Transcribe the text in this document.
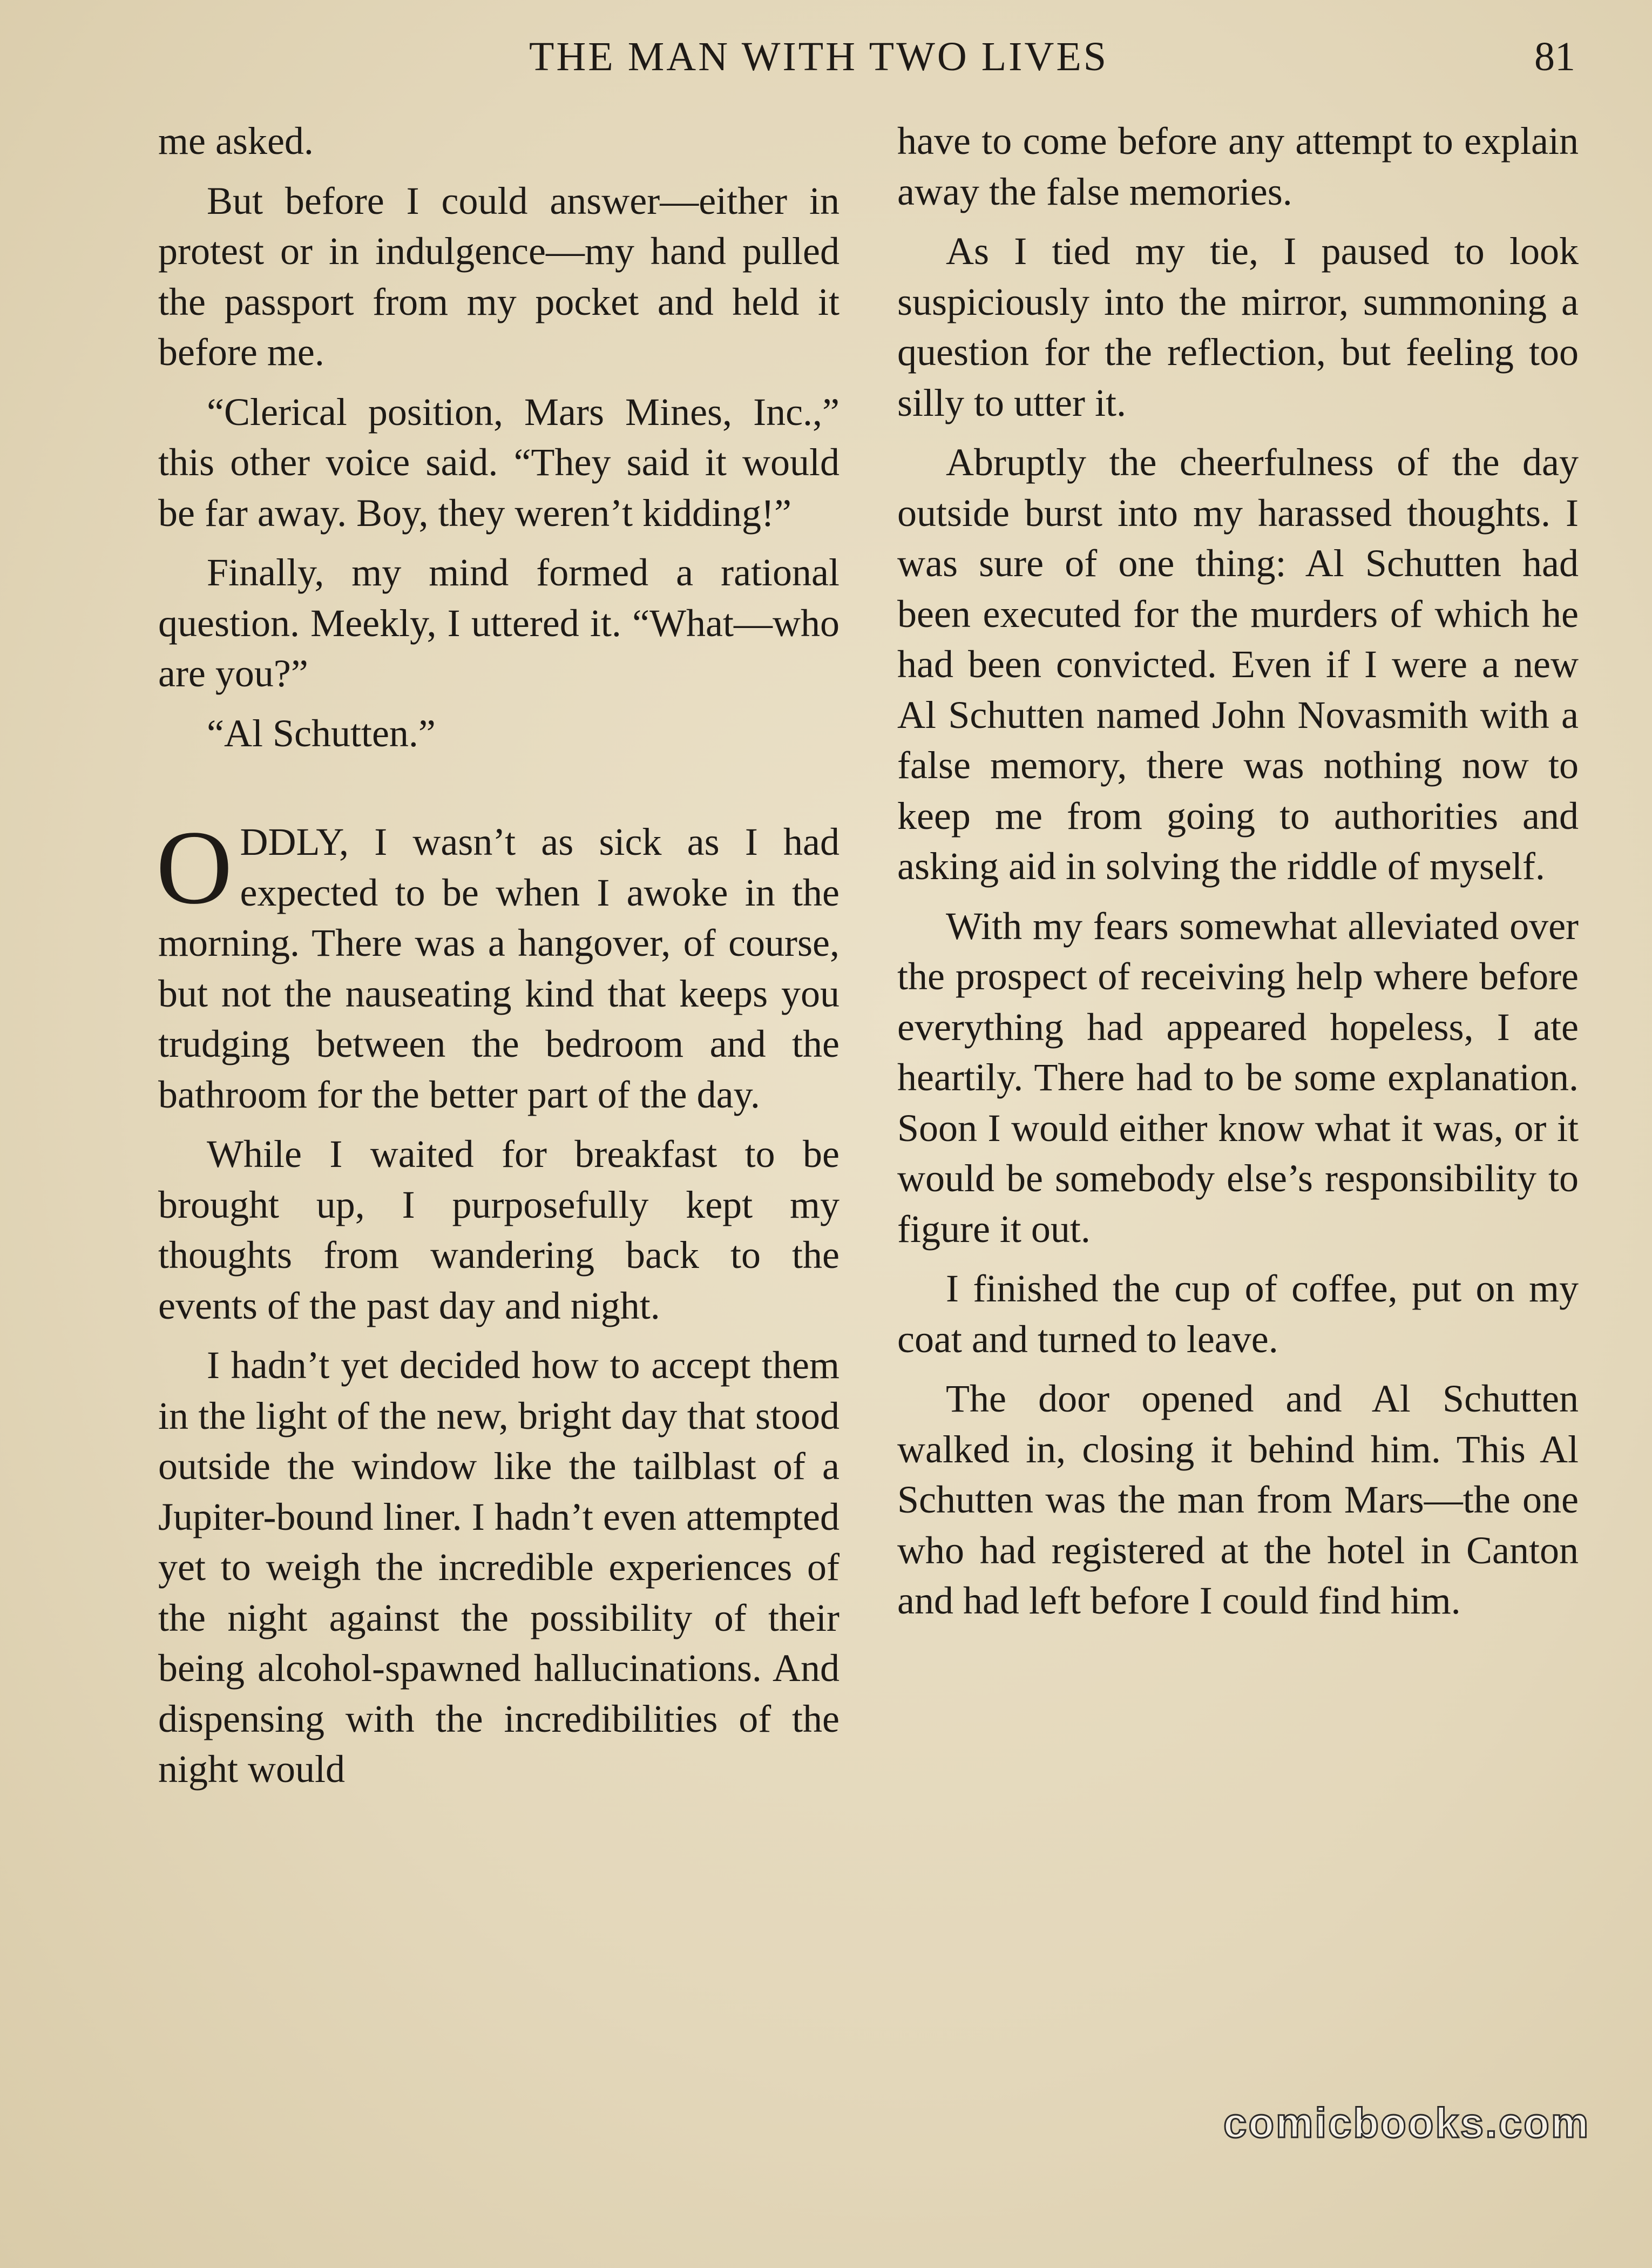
THE MAN WITH TWO LIVES	81

me asked.

But before I could answer—either in protest or in indulgence—my hand pulled the passport from my pocket and held it before me.

“Clerical position, Mars Mines, Inc.,” this other voice said. “They said it would be far away. Boy, they weren’t kidding!”

Finally, my mind formed a rational question. Meekly, I uttered it. “What—who are you?”

“Al Schutten.”

ODDLY, I wasn’t as sick as I had expected to be when I awoke in the morning. There was a hangover, of course, but not the nauseating kind that keeps you trudging between the bedroom and the bathroom for the better part of the day.

While I waited for breakfast to be brought up, I purposefully kept my thoughts from wandering back to the events of the past day and night.

I hadn’t yet decided how to accept them in the light of the new, bright day that stood outside the window like the tailblast of a Jupiter-bound liner. I hadn’t even attempted yet to weigh the incredible experiences of the night against the possibility of their being alcohol-spawned hallucinations. And dispensing with the incredibilities of the night would

have to come before any attempt to explain away the false memories.

As I tied my tie, I paused to look suspiciously into the mirror, summoning a question for the reflection, but feeling too silly to utter it.

Abruptly the cheerfulness of the day outside burst into my harassed thoughts. I was sure of one thing: Al Schutten had been executed for the murders of which he had been convicted. Even if I were a new Al Schutten named John Novasmith with a false memory, there was nothing now to keep me from going to authorities and asking aid in solving the riddle of myself.

With my fears somewhat alleviated over the prospect of receiving help where before everything had appeared hopeless, I ate heartily. There had to be some explanation. Soon I would either know what it was, or it would be somebody else’s responsibility to figure it out.

I finished the cup of coffee, put on my coat and turned to leave.

The door opened and Al Schutten walked in, closing it behind him. This Al Schutten was the man from Mars—the one who had registered at the hotel in Canton and had left before I could find him.

comicbooks.com
